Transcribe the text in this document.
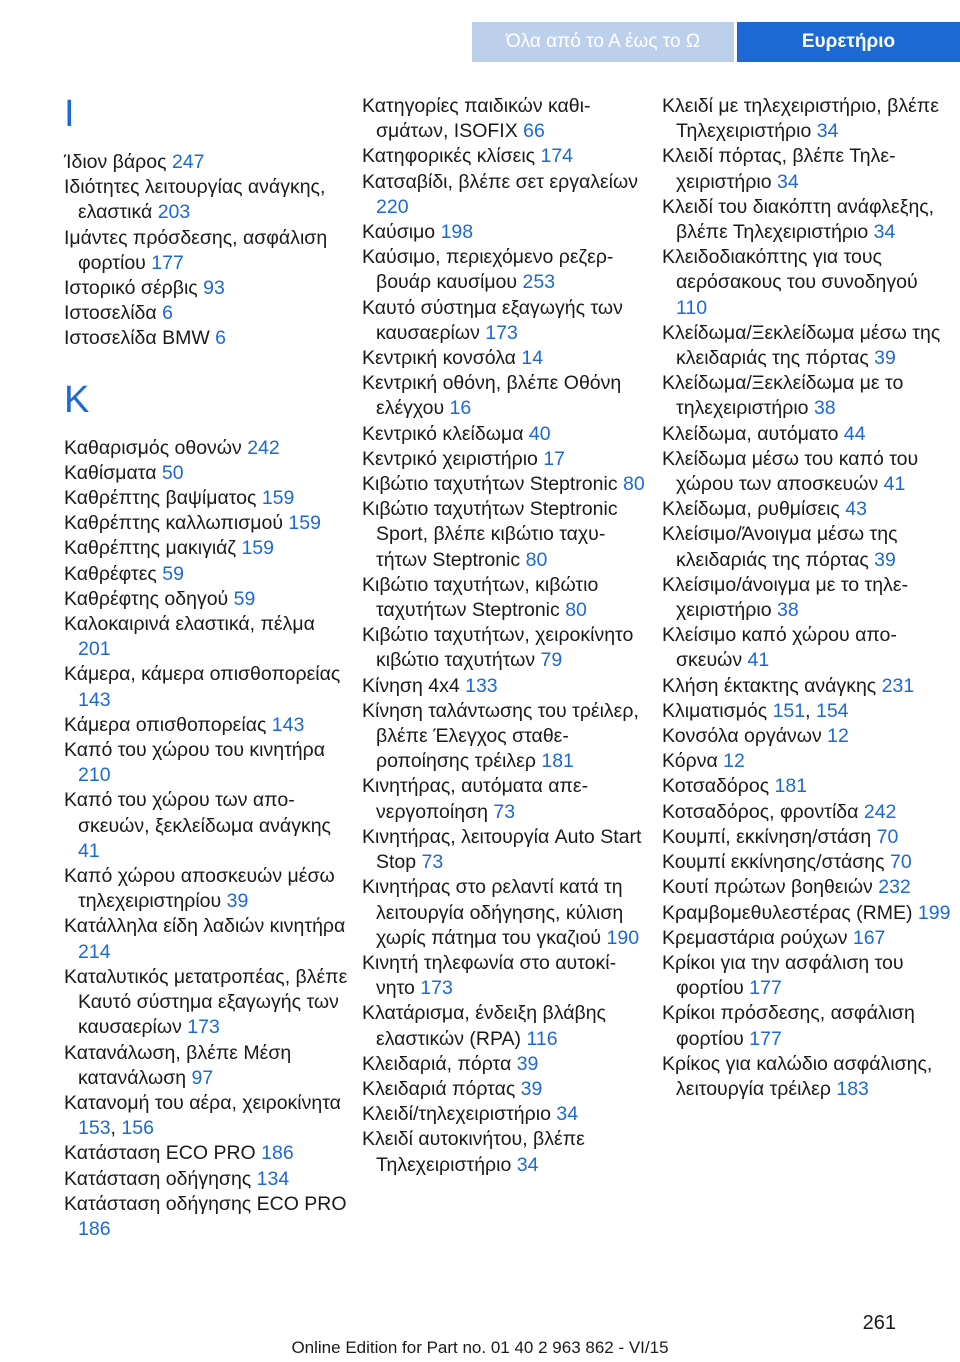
Όλα από το Α έως το Ω	Ευρετήριο
Ι
Ίδιον βάρος 247
Ιδιότητες λειτουργίας ανάγκης, ελαστικά 203
Ιμάντες πρόσδεσης, ασφάλιση φορτίου 177
Ιστορικό σέρβις 93
Ιστοσελίδα 6
Ιστοσελίδα BMW 6
Κ
Καθαρισμός οθονών 242
Καθίσματα 50
Καθρέπτης βαψίματος 159
Καθρέπτης καλλωπισμού 159
Καθρέπτης μακιγιάζ 159
Καθρέφτες 59
Καθρέφτης οδηγού 59
Καλοκαιρινά ελαστικά, πέλμα 201
Κάμερα, κάμερα οπισθοπορείας 143
Κάμερα οπισθοπορείας 143
Καπό του χώρου του κινητήρα 210
Καπό του χώρου των αποσκευών, ξεκλείδωμα ανάγκης 41
Καπό χώρου αποσκευών μέσω τηλεχειριστηρίου 39
Κατάλληλα είδη λαδιών κινητήρα 214
Καταλυτικός μετατροπέας, βλέπε Καυτό σύστημα εξαγωγής των καυσαερίων 173
Κατανάλωση, βλέπε Μέση κατανάλωση 97
Κατανομή του αέρα, χειροκίνητα 153, 156
Κατάσταση ECO PRO 186
Κατάσταση οδήγησης 134
Κατάσταση οδήγησης ECO PRO 186
Κατηγορίες παιδικών καθισμάτων, ISOFIX 66
Κατηφορικές κλίσεις 174
Κατσαβίδι, βλέπε σετ εργαλείων 220
Καύσιμο 198
Καύσιμο, περιεχόμενο ρεζερβουάρ καυσίμου 253
Καυτό σύστημα εξαγωγής των καυσαερίων 173
Κεντρική κονσόλα 14
Κεντρική οθόνη, βλέπε Οθόνη ελέγχου 16
Κεντρικό κλείδωμα 40
Κεντρικό χειριστήριο 17
Κιβώτιο ταχυτήτων Steptronic 80
Κιβώτιο ταχυτήτων Steptronic Sport, βλέπε κιβώτιο ταχυτήτων Steptronic 80
Κιβώτιο ταχυτήτων, κιβώτιο ταχυτήτων Steptronic 80
Κιβώτιο ταχυτήτων, χειροκίνητο κιβώτιο ταχυτήτων 79
Κίνηση 4x4 133
Κίνηση ταλάντωσης του τρέιλερ, βλέπε Έλεγχος σταθεροποίησης τρέιλερ 181
Κινητήρας, αυτόματα απενεργοποίηση 73
Κινητήρας, λειτουργία Auto Start Stop 73
Κινητήρας στο ρελαντί κατά τη λειτουργία οδήγησης, κύλιση χωρίς πάτημα του γκαζιού 190
Κινητή τηλεφωνία στο αυτοκίνητο 173
Κλατάρισμα, ένδειξη βλάβης ελαστικών (RPA) 116
Κλειδαριά, πόρτα 39
Κλειδαριά πόρτας 39
Κλειδί/τηλεχειριστήριο 34
Κλειδί αυτοκινήτου, βλέπε Τηλεχειριστήριο 34
Κλειδί με τηλεχειριστήριο, βλέπε Τηλεχειριστήριο 34
Κλειδί πόρτας, βλέπε Τηλεχειριστήριο 34
Κλειδί του διακόπτη ανάφλεξης, βλέπε Τηλεχειριστήριο 34
Κλειδοδιακόπτης για τους αερόσακους του συνοδηγού 110
Κλείδωμα/Ξεκλείδωμα μέσω της κλειδαριάς της πόρτας 39
Κλείδωμα/Ξεκλείδωμα με το τηλεχειριστήριο 38
Κλείδωμα, αυτόματο 44
Κλείδωμα μέσω του καπό του χώρου των αποσκευών 41
Κλείδωμα, ρυθμίσεις 43
Κλείσιμο/Άνοιγμα μέσω της κλειδαριάς της πόρτας 39
Κλείσιμο/άνοιγμα με το τηλεχειριστήριο 38
Κλείσιμο καπό χώρου αποσκευών 41
Κλήση έκτακτης ανάγκης 231
Κλιματισμός 151, 154
Κονσόλα οργάνων 12
Κόρνα 12
Κοτσαδόρος 181
Κοτσαδόρος, φροντίδα 242
Κουμπί, εκκίνηση/στάση 70
Κουμπί εκκίνησης/στάσης 70
Κουτί πρώτων βοηθειών 232
Κραμβομεθυλεστέρας (RME) 199
Κρεμαστάρια ρούχων 167
Κρίκοι για την ασφάλιση του φορτίου 177
Κρίκοι πρόσδεσης, ασφάλιση φορτίου 177
Κρίκος για καλώδιο ασφάλισης, λειτουργία τρέιλερ 183
261
Online Edition for Part no. 01 40 2 963 862 - VI/15
